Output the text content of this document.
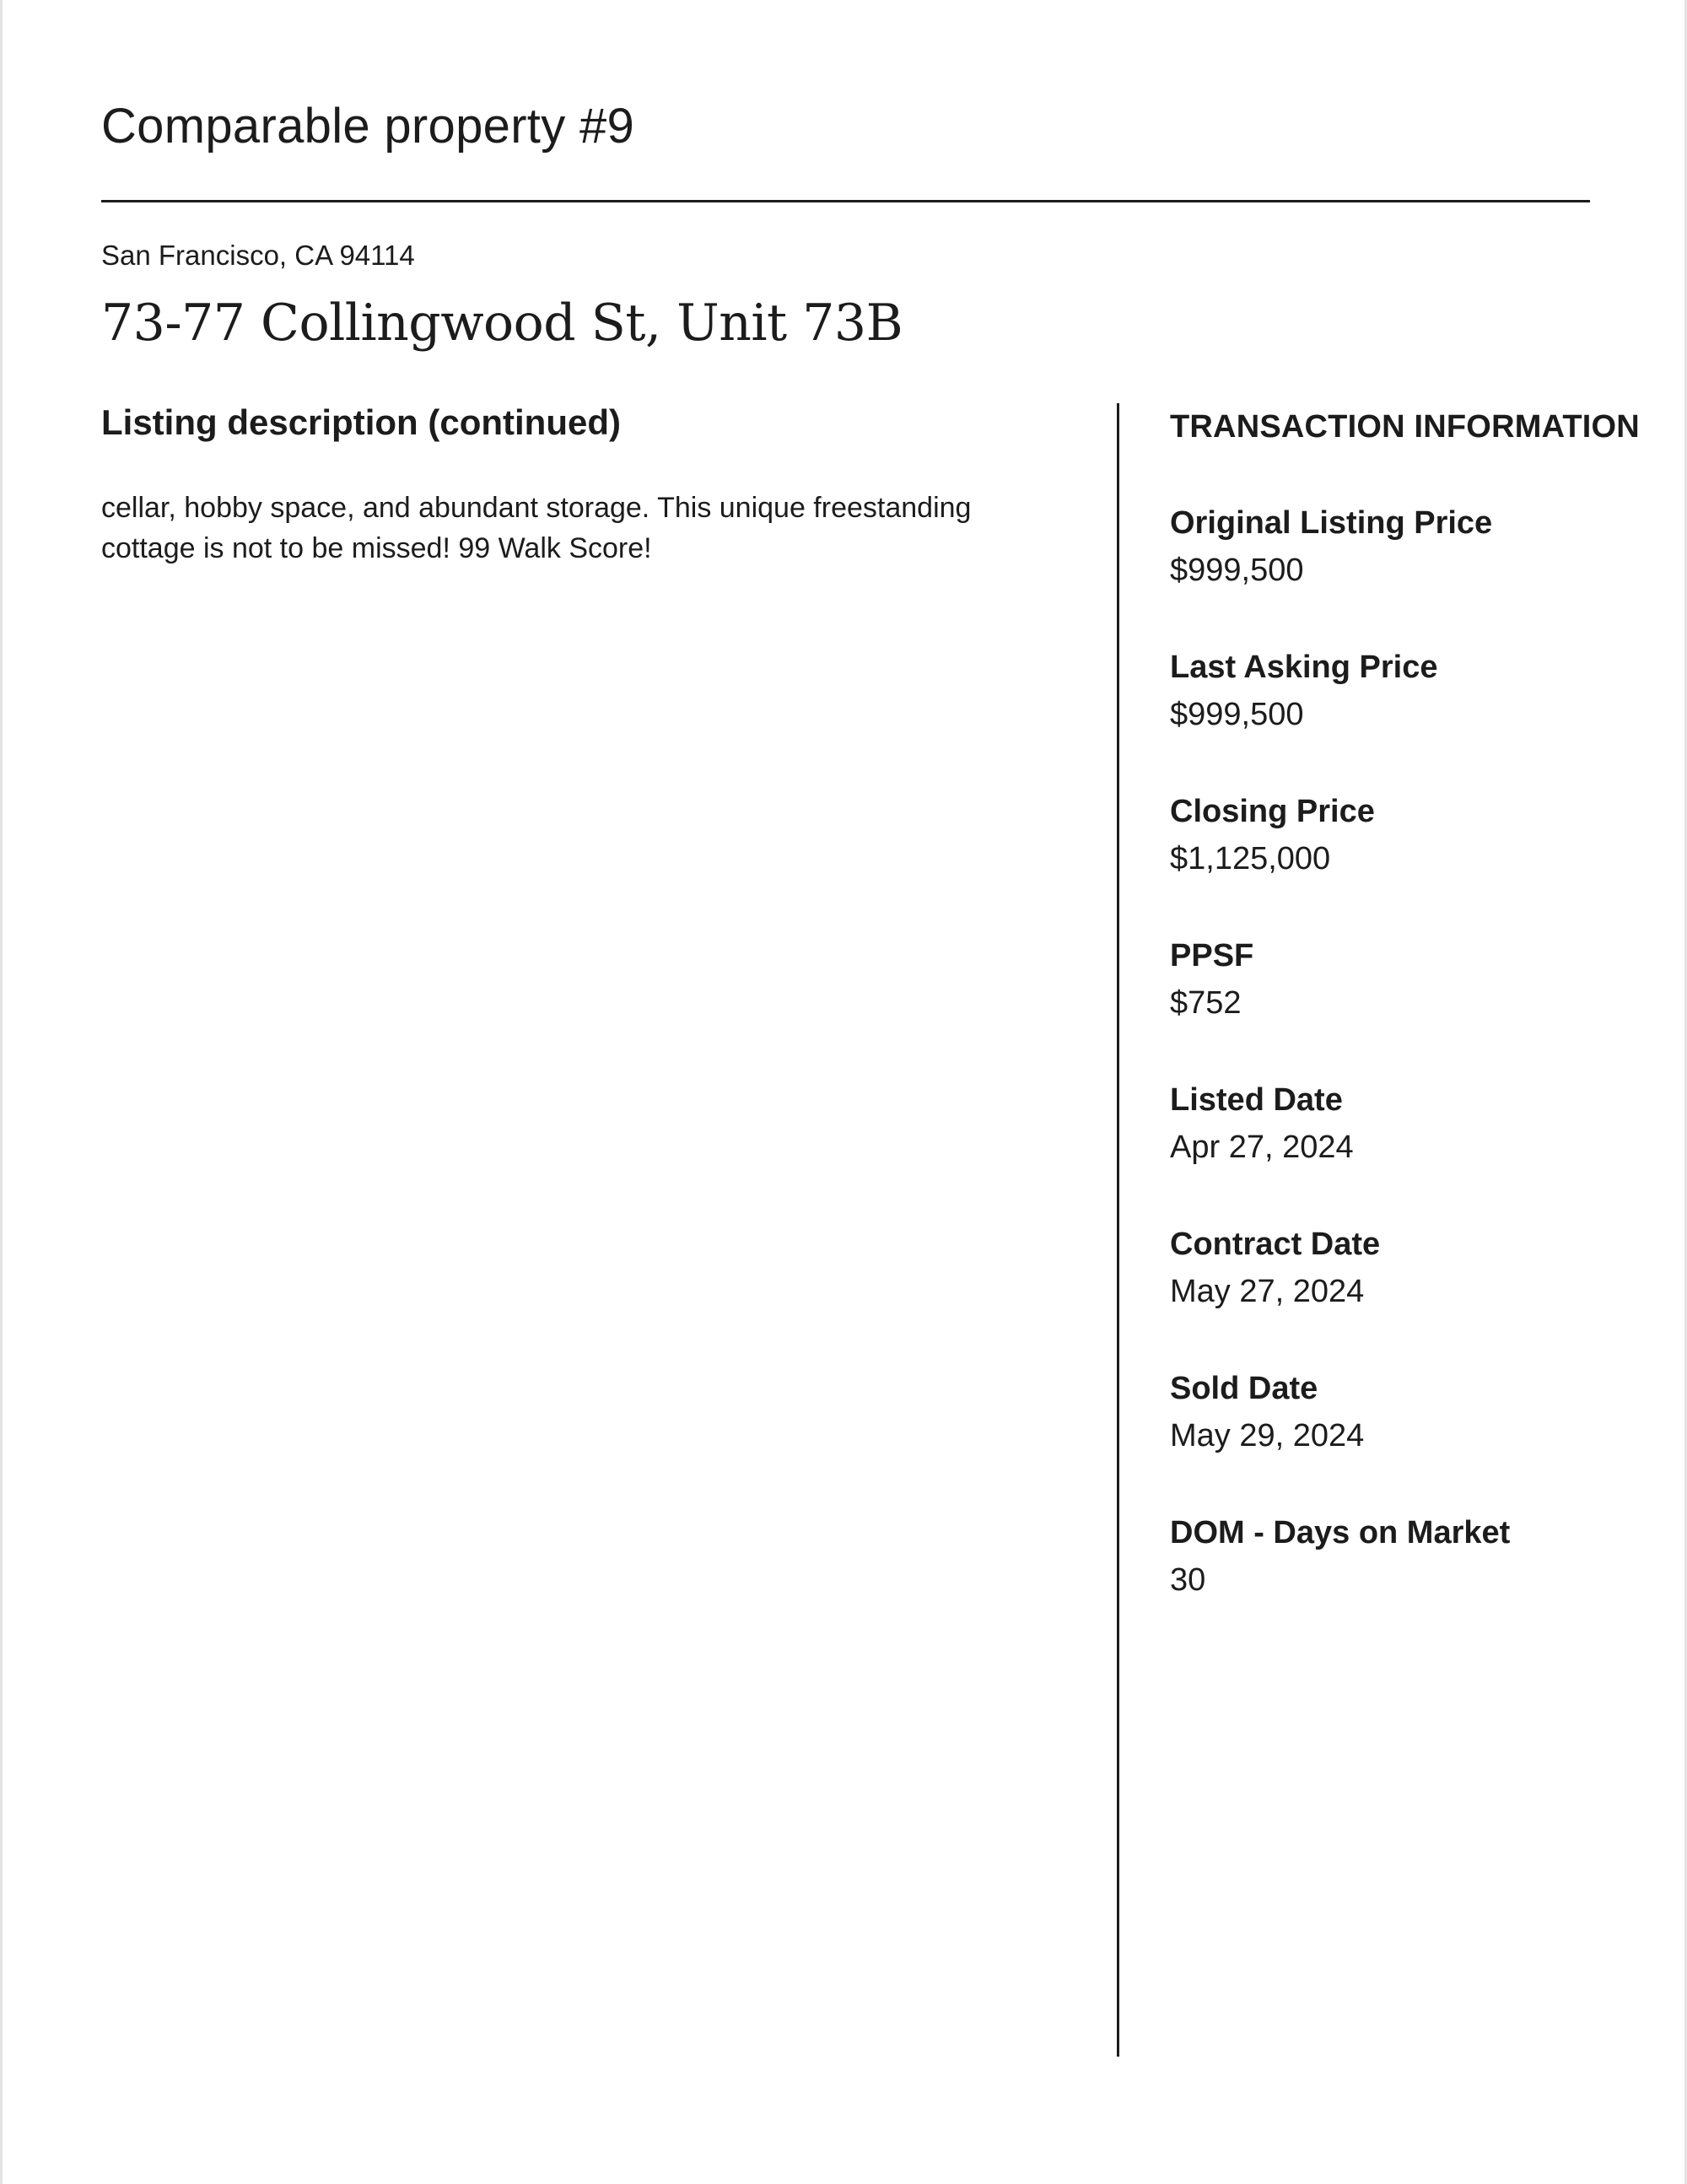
Comparable property #9
San Francisco, CA 94114
73-77 Collingwood St, Unit 73B
Listing description (continued)

cellar, hobby space, and abundant storage. This unique freestanding cottage is not to be missed! 99 Walk Score!

TRANSACTION INFORMATION
Original Listing Price
$999,500
Last Asking Price
$999,500
Closing Price
$1,125,000
PPSF
$752
Listed Date
Apr 27, 2024
Contract Date
May 27, 2024
Sold Date
May 29, 2024
DOM - Days on Market
30
